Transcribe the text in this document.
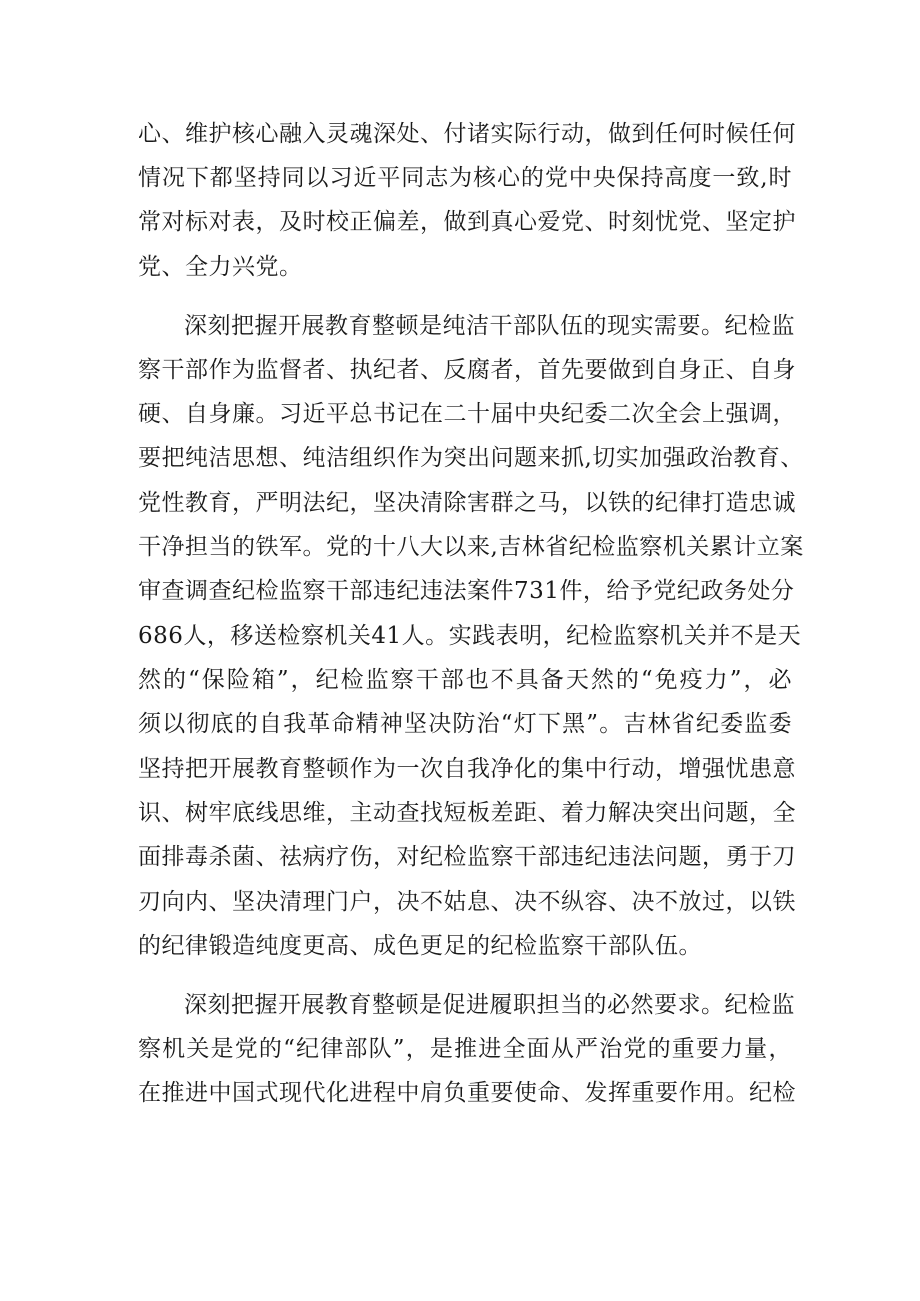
心、维护核心融入灵魂深处、付诸实际行动，做到任何时候任何
情况下都坚持同以习近平同志为核心的党中央保持高度一致,时
常对标对表，及时校正偏差，做到真心爱党、时刻忧党、坚定护
党、全力兴党。
深刻把握开展教育整顿是纯洁干部队伍的现实需要。纪检监
察干部作为监督者、执纪者、反腐者，首先要做到自身正、自身
硬、自身廉。习近平总书记在二十届中央纪委二次全会上强调，
要把纯洁思想、纯洁组织作为突出问题来抓,切实加强政治教育、
党性教育，严明法纪，坚决清除害群之马，以铁的纪律打造忠诚
干净担当的铁军。党的十八大以来,吉林省纪检监察机关累计立案
审查调查纪检监察干部违纪违法案件731件，给予党纪政务处分
686人，移送检察机关41人。实践表明，纪检监察机关并不是天
然的“保险箱”，纪检监察干部也不具备天然的“免疫力”，必
须以彻底的自我革命精神坚决防治“灯下黑”。吉林省纪委监委
坚持把开展教育整顿作为一次自我净化的集中行动，增强忧患意
识、树牢底线思维，主动查找短板差距、着力解决突出问题，全
面排毒杀菌、祛病疗伤，对纪检监察干部违纪违法问题，勇于刀
刃向内、坚决清理门户，决不姑息、决不纵容、决不放过，以铁
的纪律锻造纯度更高、成色更足的纪检监察干部队伍。
深刻把握开展教育整顿是促进履职担当的必然要求。纪检监
察机关是党的“纪律部队”，是推进全面从严治党的重要力量，
在推进中国式现代化进程中肩负重要使命、发挥重要作用。纪检
